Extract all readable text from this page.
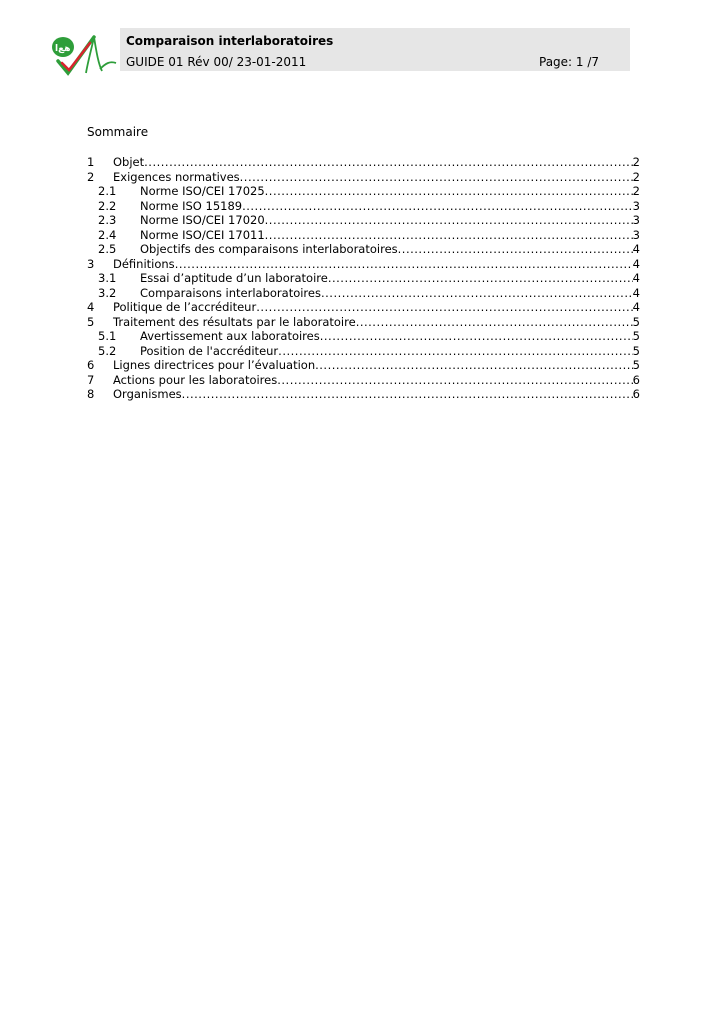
ﻫﻊا
Comparaison interlaboratoires
GUIDE 01 Rév 00/ 23-01-2011	Page: 1 /7
Sommaire
1	Objet .....	2
2	Exigences normatives .....	2
2.1	Norme ISO/CEI 17025 .....	2
2.2	Norme ISO 15189 .....	3
2.3	Norme ISO/CEI 17020 .....	3
2.4	Norme ISO/CEI 17011 .....	3
2.5	Objectifs des comparaisons interlaboratoires .....	4
3	Définitions .....	4
3.1	Essai d’aptitude d’un laboratoire .....	4
3.2	Comparaisons interlaboratoires .....	4
4	Politique de l’accréditeur .....	4
5	Traitement des résultats par le laboratoire .....	5
5.1	Avertissement aux laboratoires .....	5
5.2	Position de l'accréditeur .....	5
6	Lignes directrices pour l’évaluation .....	5
7	Actions pour les laboratoires .....	6
8	Organismes .....	6
